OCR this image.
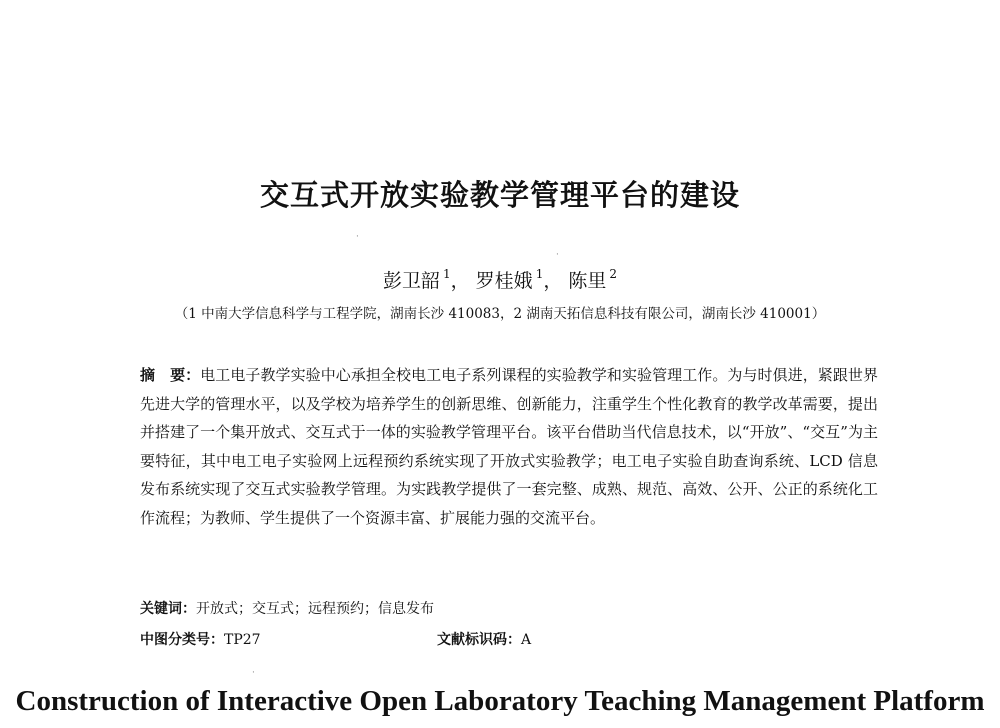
交互式开放实验教学管理平台的建设
彭卫韶 $^1$， 罗桂娥 $^1$， 陈里 $^2$
（1 中南大学信息科学与工程学院，湖南长沙 410083，2 湖南天拓信息科技有限公司，湖南长沙 410001）
摘　要：电工电子教学实验中心承担全校电工电子系列课程的实验教学和实验管理工作。为与时俱进，紧跟世界先进大学的管理水平，以及学校为培养学生的创新思维、创新能力，注重学生个性化教育的教学改革需要，提出并搭建了一个集开放式、交互式于一体的实验教学管理平台。该平台借助当代信息技术，以“开放”、“交互”为主要特征，其中电工电子实验网上远程预约系统实现了开放式实验教学；电工电子实验自助查询系统、LCD 信息发布系统实现了交互式实验教学管理。为实践教学提供了一套完整、成熟、规范、高效、公开、公正的系统化工作流程；为教师、学生提供了一个资源丰富、扩展能力强的交流平台。
关键词：开放式；交互式；远程预约；信息发布
中图分类号：TP27	文献标识码：A
·
·
·
Construction of Interactive Open Laboratory Teaching Management Platform
